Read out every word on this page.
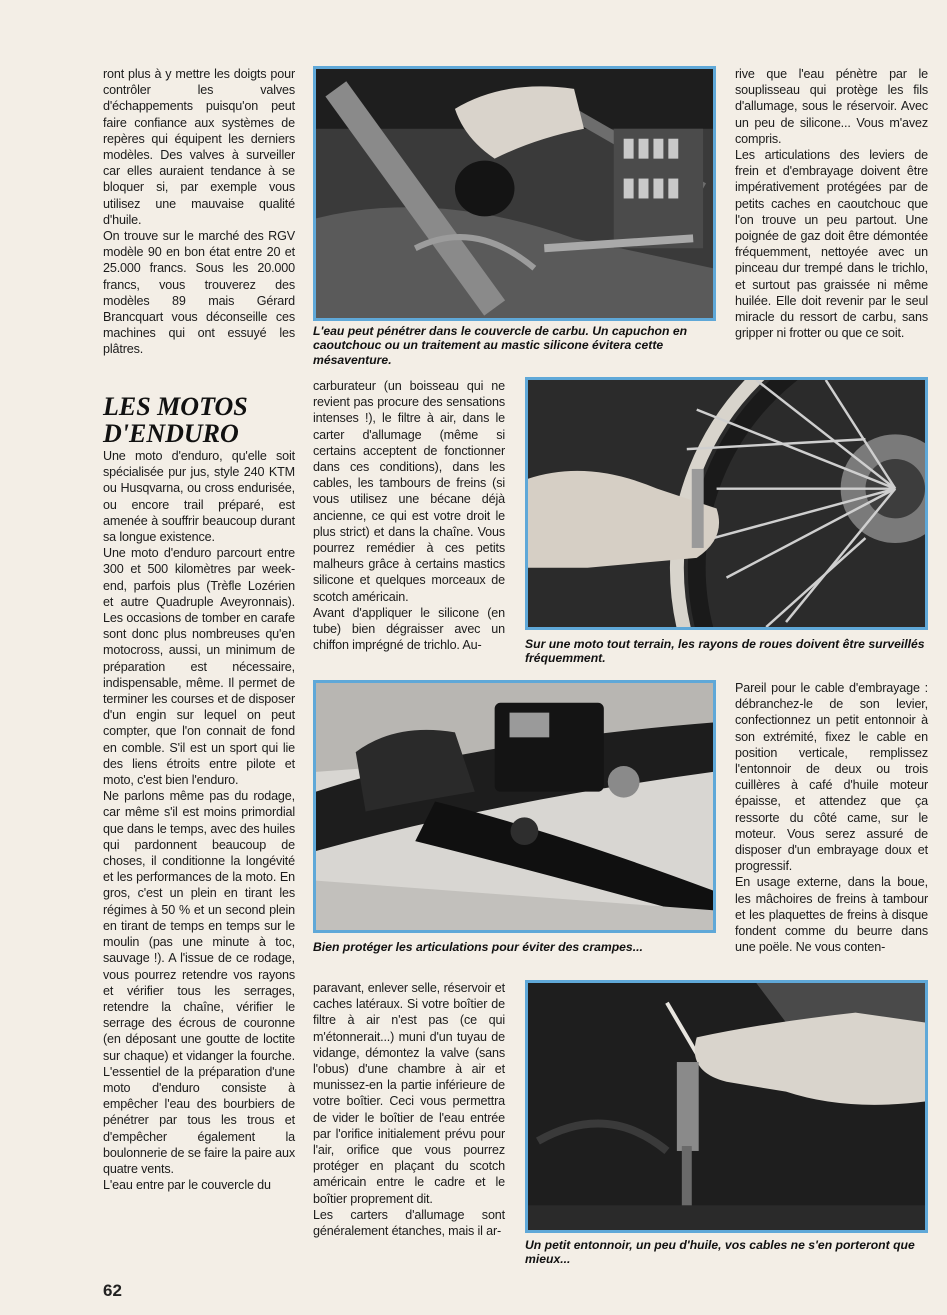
ront plus à y mettre les doigts pour contrôler les valves d'échappements puisqu'on peut faire confiance aux systèmes de repères qui équipent les derniers modèles. Des valves à surveiller car elles auraient tendance à se bloquer si, par exemple vous utilisez une mauvaise qualité d'huile.

On trouve sur le marché des RGV modèle 90 en bon état entre 20 et 25.000 francs. Sous les 20.000 francs, vous trouverez des modèles 89 mais Gérard Brancquart vous déconseille ces machines qui ont essuyé les plâtres.

LES MOTOS
D'ENDURO

Une moto d'enduro, qu'elle soit spécialisée pur jus, style 240 KTM ou Husqvarna, ou cross endurisée, ou encore trail préparé, est amenée à souffrir beaucoup durant sa longue existence.

Une moto d'enduro parcourt entre 300 et 500 kilomètres par week-end, parfois plus (Trèfle Lozérien et autre Quadruple Aveyronnais). Les occasions de tomber en carafe sont donc plus nombreuses qu'en motocross, aussi, un minimum de préparation est nécessaire, indispensable, même. Il permet de terminer les courses et de disposer d'un engin sur lequel on peut compter, que l'on connait de fond en comble. S'il est un sport qui lie des liens étroits entre pilote et moto, c'est bien l'enduro.

Ne parlons même pas du rodage, car même s'il est moins primordial que dans le temps, avec des huiles qui pardonnent beaucoup de choses, il conditionne la longévité et les performances de la moto. En gros, c'est un plein en tirant les régimes à 50 % et un second plein en tirant de temps en temps sur le moulin (pas une minute à toc, sauvage !). A l'issue de ce rodage, vous pourrez retendre vos rayons et vérifier tous les serrages, retendre la chaîne, vérifier le serrage des écrous de couronne (en déposant une goutte de loctite sur chaque) et vidanger la fourche. L'essentiel de la préparation d'une moto d'enduro consiste à empêcher l'eau des bourbiers de pénétrer par tous les trous et d'empêcher également la boulonnerie de se faire la paire aux quatre vents.

L'eau entre par le couvercle du

L'eau peut pénétrer dans le couvercle de carbu. Un capuchon en caoutchouc ou un traitement au mastic silicone évitera cette mésaventure.

rive que l'eau pénètre par le souplisseau qui protège les fils d'allumage, sous le réservoir. Avec un peu de silicone... Vous m'avez compris.

Les articulations des leviers de frein et d'embrayage doivent être impérativement protégées par de petits caches en caoutchouc que l'on trouve un peu partout. Une poignée de gaz doit être démontée fréquemment, nettoyée avec un pinceau dur trempé dans le trichlo, et surtout pas graissée ni même huilée. Elle doit revenir par le seul miracle du ressort de carbu, sans gripper ni frotter ou que ce soit.

carburateur (un boisseau qui ne revient pas procure des sensations intenses !), le filtre à air, dans le carter d'allumage (même si certains acceptent de fonctionner dans ces conditions), dans les cables, les tambours de freins (si vous utilisez une bécane déjà ancienne, ce qui est votre droit le plus strict) et dans la chaîne. Vous pourrez remédier à ces petits malheurs grâce à certains mastics silicone et quelques morceaux de scotch américain.

Avant d'appliquer le silicone (en tube) bien dégraisser avec un chiffon imprégné de trichlo. Au-	Sur une moto tout terrain, les rayons de roues doivent être surveillés fréquemment.
Bien protéger les articulations pour éviter des crampes...

Pareil pour le cable d'embrayage : débranchez-le de son levier, confectionnez un petit entonnoir à son extrémité, fixez le cable en position verticale, remplissez l'entonnoir de deux ou trois cuillères à café d'huile moteur épaisse, et attendez que ça ressorte du côté came, sur le moteur. Vous serez assuré de disposer d'un embrayage doux et progressif.

En usage externe, dans la boue, les mâchoires de freins à tambour et les plaquettes de freins à disque fondent comme du beurre dans une poële. Ne vous conten-

paravant, enlever selle, réservoir et caches latéraux. Si votre boîtier de filtre à air n'est pas (ce qui m'étonnerait...) muni d'un tuyau de vidange, démontez la valve (sans l'obus) d'une chambre à air et munissez-en la partie inférieure de votre boîtier. Ceci vous permettra de vider le boîtier de l'eau entrée par l'orifice initialement prévu pour l'air, orifice que vous pourrez protéger en plaçant du scotch américain entre le cadre et le boîtier proprement dit.

Les carters d'allumage sont généralement étanches, mais il ar-

Un petit entonnoir, un peu d'huile, vos cables ne s'en porteront que mieux...
62
